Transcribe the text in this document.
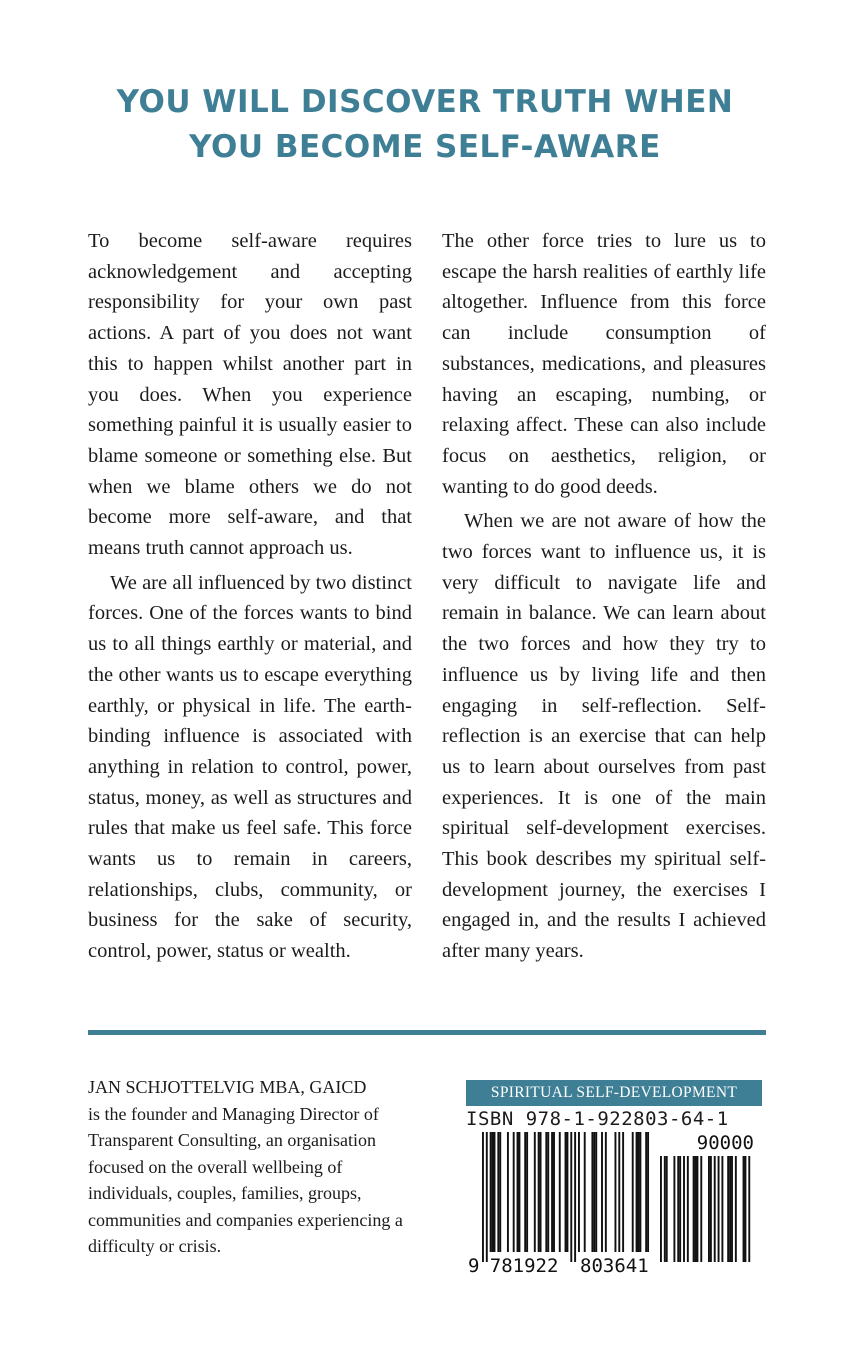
YOU WILL DISCOVER TRUTH WHEN
YOU BECOME SELF-AWARE

To become self-aware requires acknowledgement and accepting responsibility for your own past actions. A part of you does not want this to happen whilst another part in you does. When you experience something painful it is usually easier to blame someone or something else. But when we blame others we do not become more self-aware, and that means truth cannot approach us.

We are all influenced by two distinct forces. One of the forces wants to bind us to all things earthly or material, and the other wants us to escape everything earthly, or physical in life. The earth-binding influence is associated with anything in relation to control, power, status, money, as well as structures and rules that make us feel safe. This force wants us to remain in careers, relationships, clubs, community, or business for the sake of security, control, power, status or wealth.

The other force tries to lure us to escape the harsh realities of earthly life altogether. Influence from this force can include consumption of substances, medications, and pleasures having an escaping, numbing, or relaxing affect. These can also include focus on aesthetics, religion, or wanting to do good deeds.

When we are not aware of how the two forces want to influence us, it is very difficult to navigate life and remain in balance. We can learn about the two forces and how they try to influence us by living life and then engaging in self-reflection. Self-reflection is an exercise that can help us to learn about ourselves from past experiences. It is one of the main spiritual self-development exercises. This book describes my spiritual self-development journey, the exercises I engaged in, and the results I achieved after many years.

JAN SCHJOTTELVIG MBA, GAICD

is the founder and Managing Director of Transparent Consulting, an organisation focused on the overall wellbeing of individuals, couples, families, groups, communities and companies experiencing a difficulty or crisis.

SPIRITUAL SELF-DEVELOPMENT
ISBN 978-1-922803-64-1
9 781922 803641
90000
